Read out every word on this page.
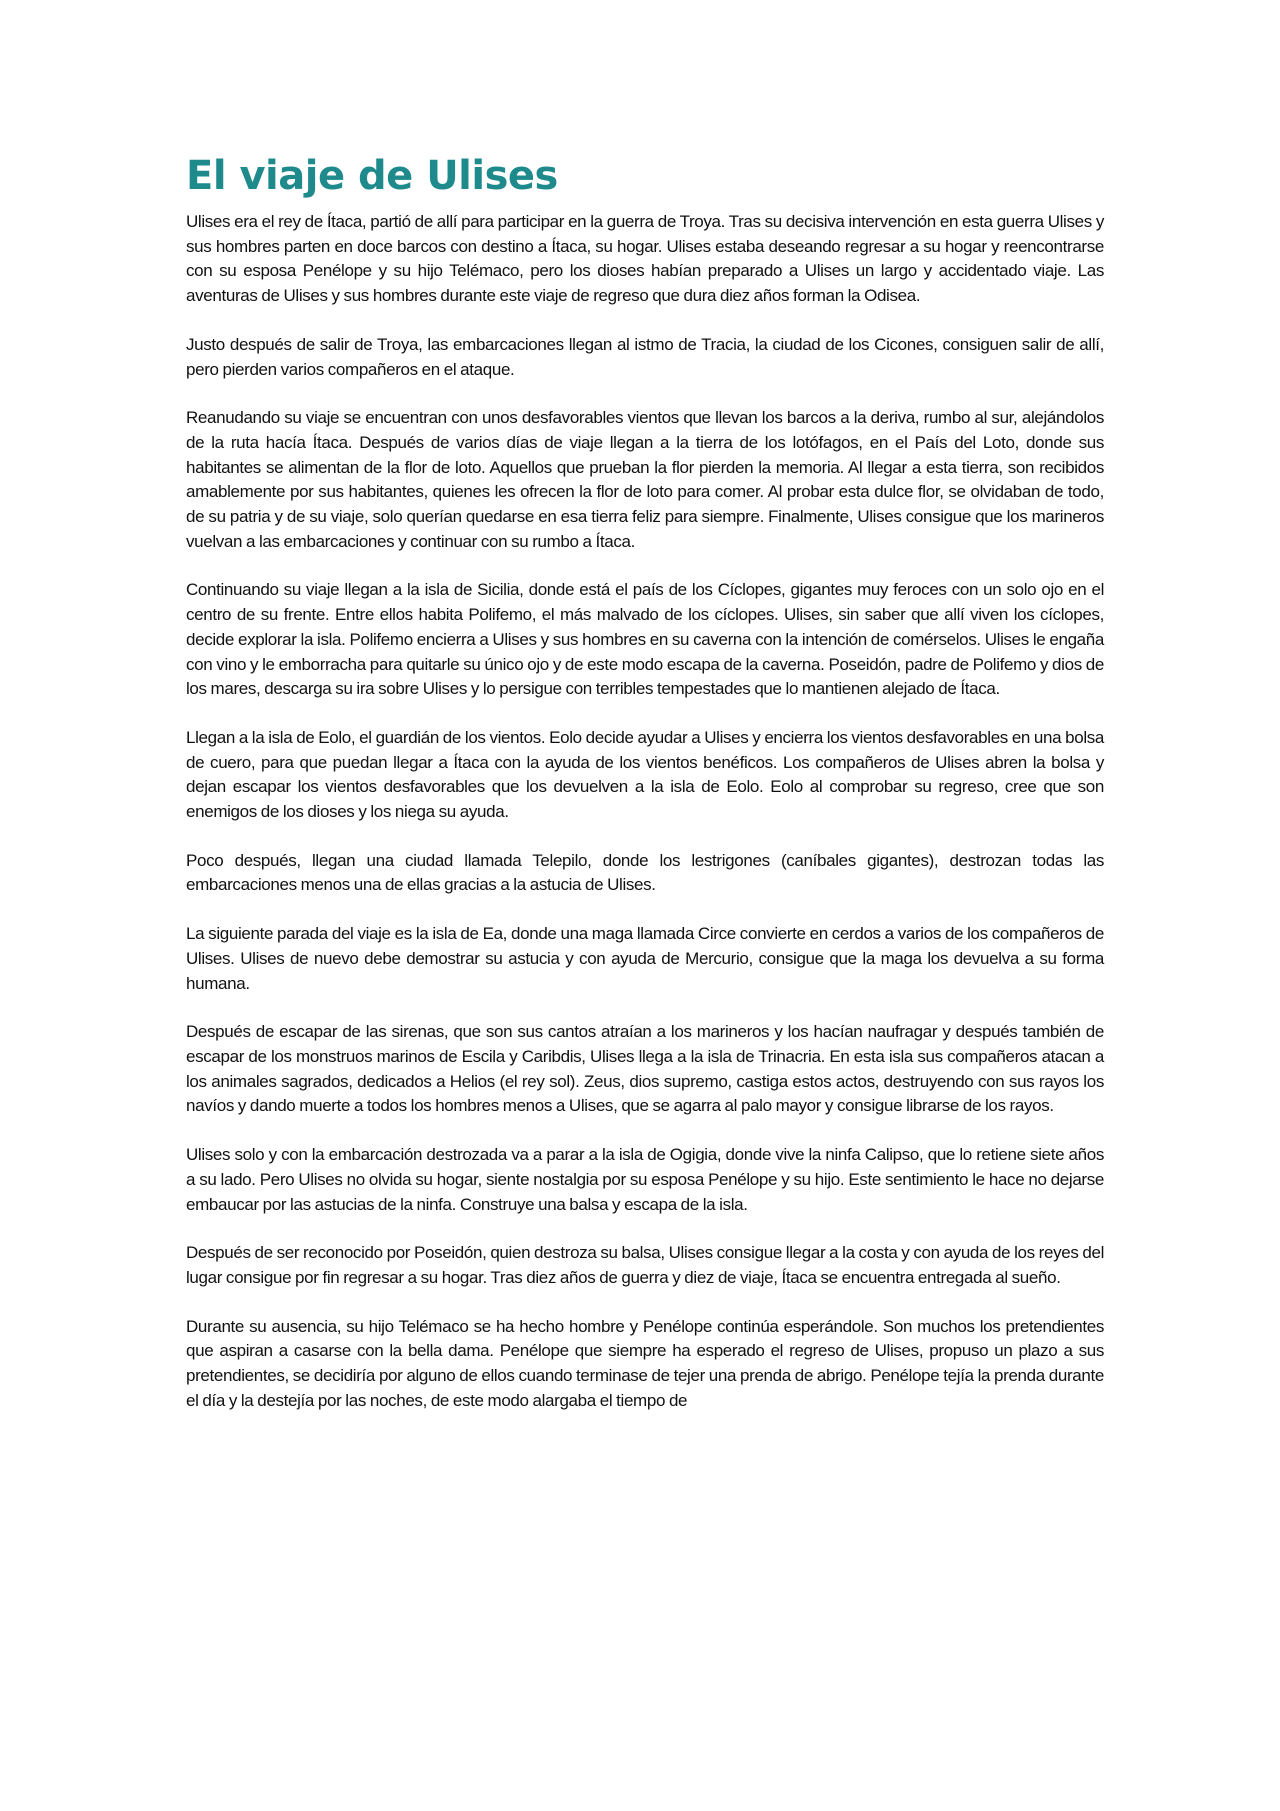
El viaje de Ulises

Ulises era el rey de Ítaca, partió de allí para participar en la guerra de Troya. Tras su decisiva intervención en esta guerra Ulises y sus hombres parten en doce barcos con destino a Ítaca, su hogar. Ulises estaba deseando regresar a su hogar y reencontrarse con su esposa Penélope y su hijo Telémaco, pero los dioses habían preparado a Ulises un largo y accidentado viaje. Las aventuras de Ulises y sus hombres durante este viaje de regreso que dura diez años forman la Odisea.

Justo después de salir de Troya, las embarcaciones llegan al istmo de Tracia, la ciudad de los Cicones, consiguen salir de allí, pero pierden varios compañeros en el ataque.

Reanudando su viaje se encuentran con unos desfavorables vientos que llevan los barcos a la deriva, rumbo al sur, alejándolos de la ruta hacía Ítaca. Después de varios días de viaje llegan a la tierra de los lotófagos, en el País del Loto, donde sus habitantes se alimentan de la flor de loto. Aquellos que prueban la flor pierden la memoria. Al llegar a esta tierra, son recibidos amablemente por sus habitantes, quienes les ofrecen la flor de loto para comer. Al probar esta dulce flor, se olvidaban de todo, de su patria y de su viaje, solo querían quedarse en esa tierra feliz para siempre. Finalmente, Ulises consigue que los marineros vuelvan a las embarcaciones y continuar con su rumbo a Ítaca.

Continuando su viaje llegan a la isla de Sicilia, donde está el país de los Cíclopes, gigantes muy feroces con un solo ojo en el centro de su frente. Entre ellos habita Polifemo, el más malvado de los cíclopes. Ulises, sin saber que allí viven los cíclopes, decide explorar la isla. Polifemo encierra a Ulises y sus hombres en su caverna con la intención de comérselos. Ulises le engaña con vino y le emborracha para quitarle su único ojo y de este modo escapa de la caverna. Poseidón, padre de Polifemo y dios de los mares, descarga su ira sobre Ulises y lo persigue con terribles tempestades que lo mantienen alejado de Ítaca.

Llegan a la isla de Eolo, el guardián de los vientos. Eolo decide ayudar a Ulises y encierra los vientos desfavorables en una bolsa de cuero, para que puedan llegar a Ítaca con la ayuda de los vientos benéficos. Los compañeros de Ulises abren la bolsa y dejan escapar los vientos desfavorables que los devuelven a la isla de Eolo. Eolo al comprobar su regreso, cree que son enemigos de los dioses y los niega su ayuda.

Poco después, llegan una ciudad llamada Telepilo, donde los lestrigones (caníbales gigantes), destrozan todas las embarcaciones menos una de ellas gracias a la astucia de Ulises.

La siguiente parada del viaje es la isla de Ea, donde una maga llamada Circe convierte en cerdos a varios de los compañeros de Ulises. Ulises de nuevo debe demostrar su astucia y con ayuda de Mercurio, consigue que la maga los devuelva a su forma humana.

Después de escapar de las sirenas, que son sus cantos atraían a los marineros y los hacían naufragar y después también de escapar de los monstruos marinos de Escila y Caribdis, Ulises llega a la isla de Trinacria. En esta isla sus compañeros atacan a los animales sagrados, dedicados a Helios (el rey sol). Zeus, dios supremo, castiga estos actos, destruyendo con sus rayos los navíos y dando muerte a todos los hombres menos a Ulises, que se agarra al palo mayor y consigue librarse de los rayos.

Ulises solo y con la embarcación destrozada va a parar a la isla de Ogigia, donde vive la ninfa Calipso, que lo retiene siete años a su lado. Pero Ulises no olvida su hogar, siente nostalgia por su esposa Penélope y su hijo. Este sentimiento le hace no dejarse embaucar por las astucias de la ninfa. Construye una balsa y escapa de la isla.

Después de ser reconocido por Poseidón, quien destroza su balsa, Ulises consigue llegar a la costa y con ayuda de los reyes del lugar consigue por fin regresar a su hogar. Tras diez años de guerra y diez de viaje, Ítaca se encuentra entregada al sueño.

Durante su ausencia, su hijo Telémaco se ha hecho hombre y Penélope continúa esperándole. Son muchos los pretendientes que aspiran a casarse con la bella dama. Penélope que siempre ha esperado el regreso de Ulises, propuso un plazo a sus pretendientes, se decidiría por alguno de ellos cuando terminase de tejer una prenda de abrigo. Penélope tejía la prenda durante el día y la destejía por las noches, de este modo alargaba el tiempo de
